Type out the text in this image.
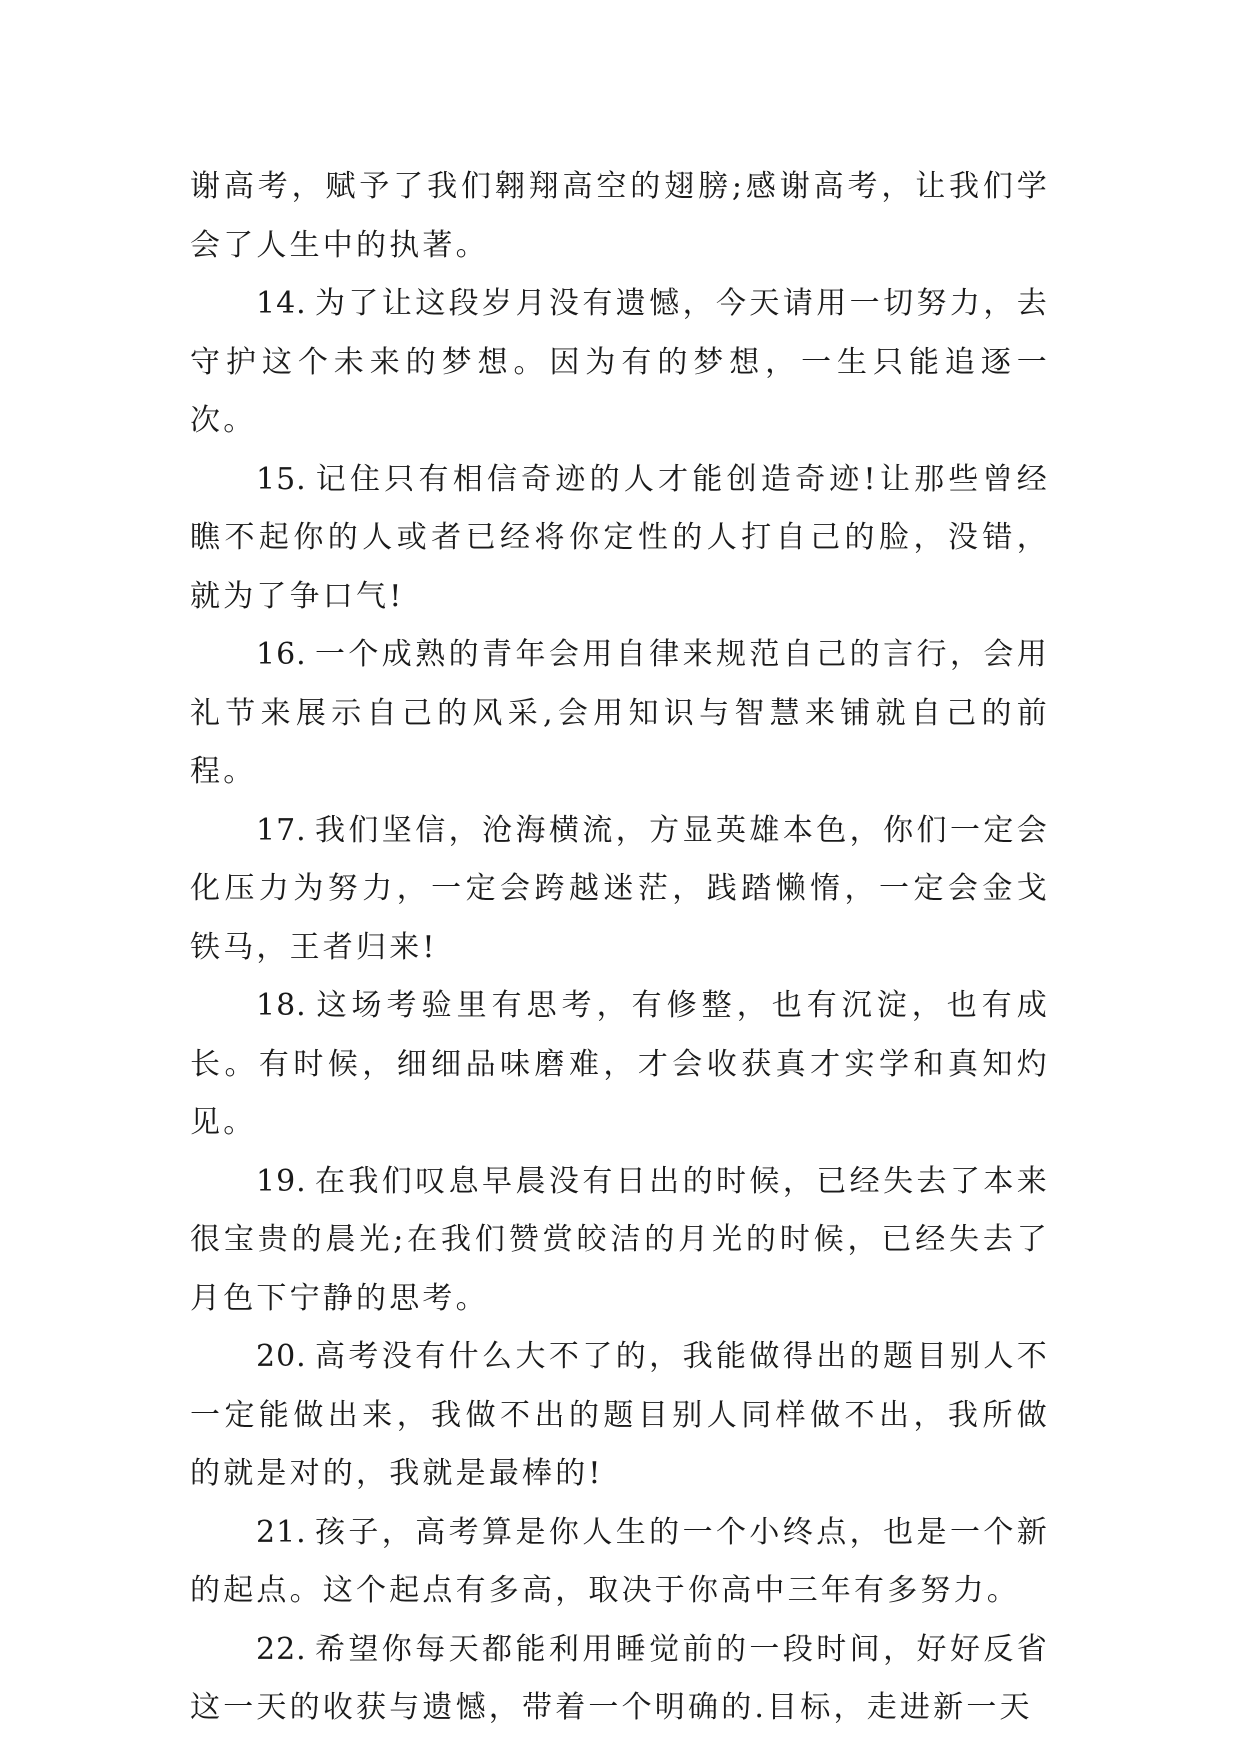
谢高考，赋予了我们翱翔高空的翅膀;感谢高考，让我们学会了人生中的执著。

14. 为了让这段岁月没有遗憾，今天请用一切努力，去守护这个未来的梦想。因为有的梦想，一生只能追逐一次。

15. 记住只有相信奇迹的人才能创造奇迹!让那些曾经瞧不起你的人或者已经将你定性的人打自己的脸，没错，就为了争口气!

16. 一个成熟的青年会用自律来规范自己的言行，会用礼节来展示自己的风采,会用知识与智慧来铺就自己的前程。

17. 我们坚信，沧海横流，方显英雄本色，你们一定会化压力为努力，一定会跨越迷茫，践踏懒惰，一定会金戈铁马，王者归来!

18. 这场考验里有思考，有修整，也有沉淀，也有成长。有时候，细细品味磨难，才会收获真才实学和真知灼见。

19. 在我们叹息早晨没有日出的时候，已经失去了本来很宝贵的晨光;在我们赞赏皎洁的月光的时候，已经失去了月色下宁静的思考。

20. 高考没有什么大不了的，我能做得出的题目别人不一定能做出来，我做不出的题目别人同样做不出，我所做的就是对的，我就是最棒的!

21. 孩子，高考算是你人生的一个小终点，也是一个新的起点。这个起点有多高，取决于你高中三年有多努力。

22. 希望你每天都能利用睡觉前的一段时间，好好反省这一天的收获与遗憾，带着一个明确的.目标，走进新一天
